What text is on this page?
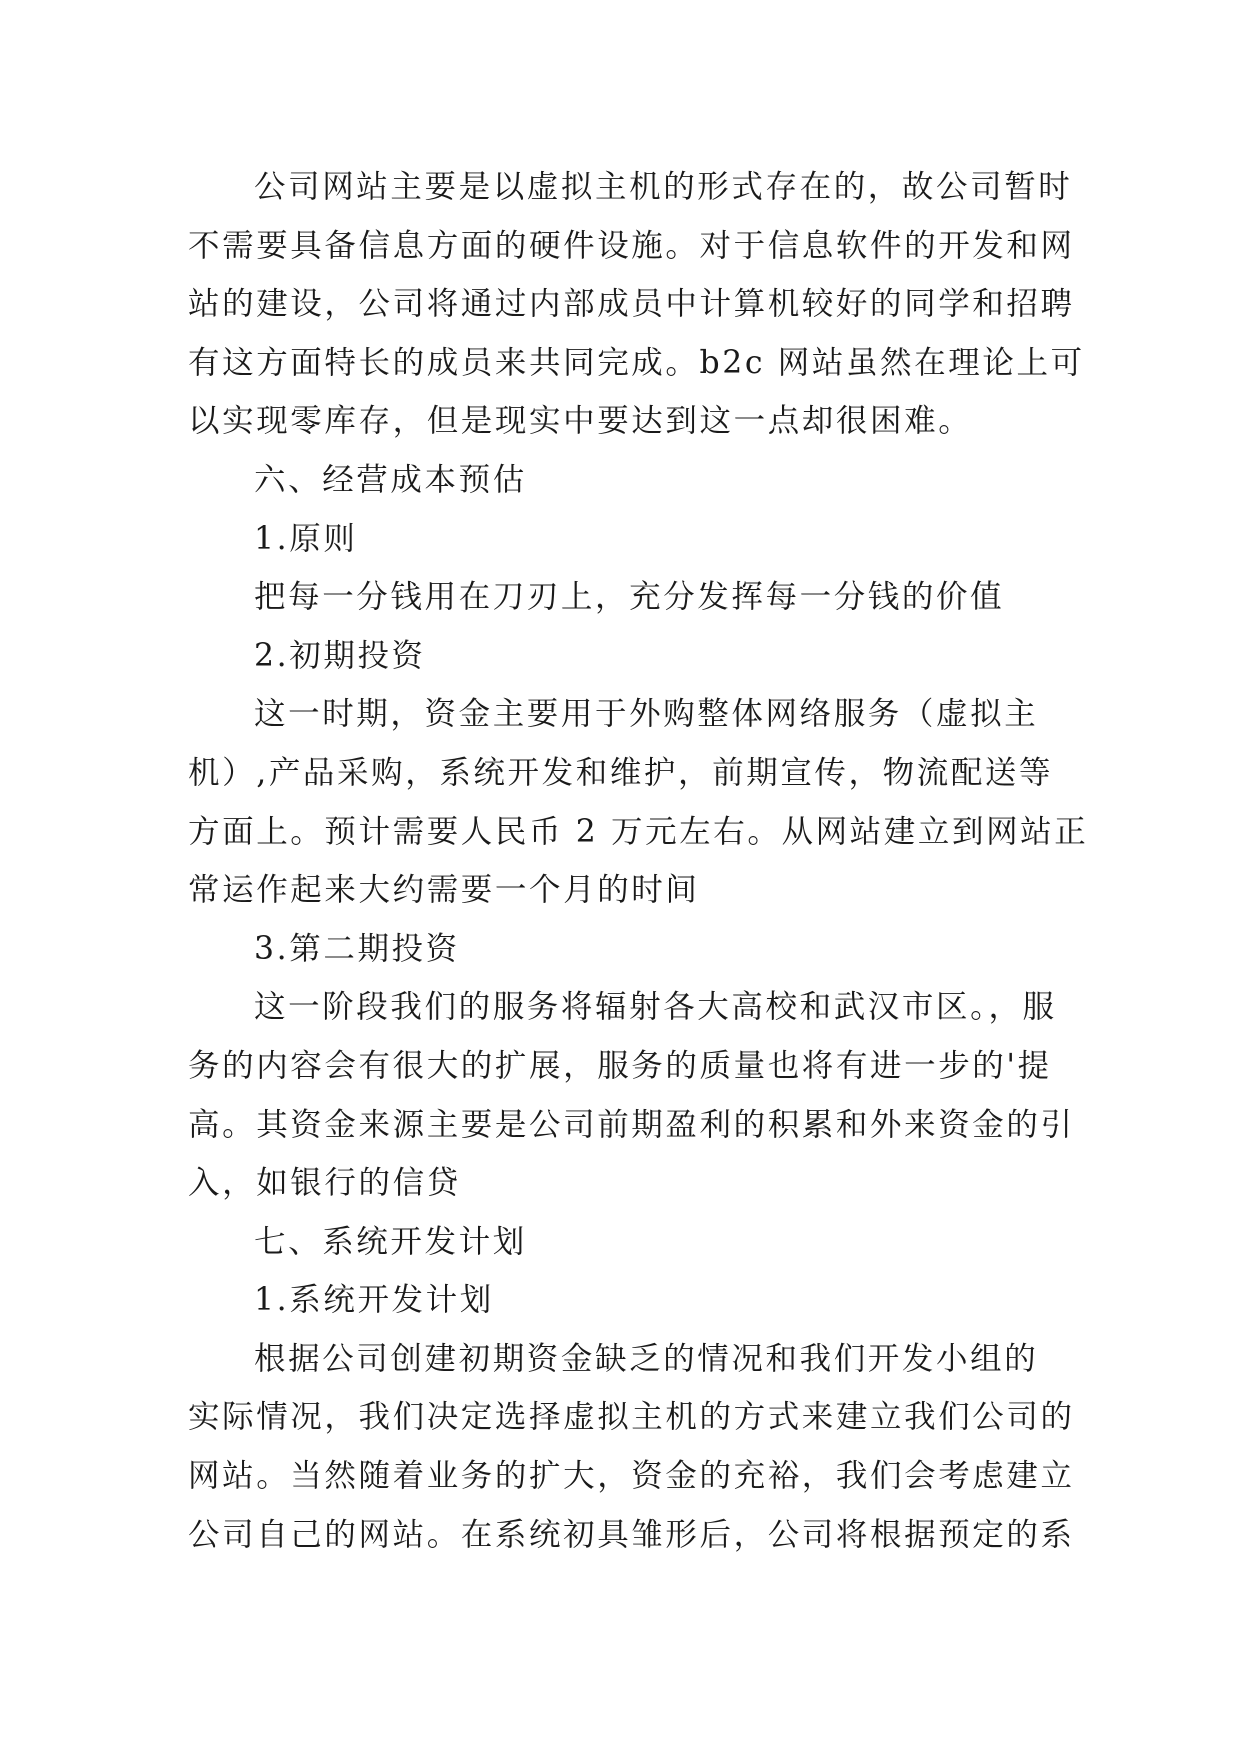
公司网站主要是以虚拟主机的形式存在的，故公司暂时
不需要具备信息方面的硬件设施。对于信息软件的开发和网
站的建设，公司将通过内部成员中计算机较好的同学和招聘
有这方面特长的成员来共同完成。b2c 网站虽然在理论上可
以实现零库存，但是现实中要达到这一点却很困难。
六、经营成本预估
1.原则
把每一分钱用在刀刃上，充分发挥每一分钱的价值
2.初期投资
这一时期，资金主要用于外购整体网络服务（虚拟主
机）,产品采购，系统开发和维护，前期宣传，物流配送等
方面上。预计需要人民币 2 万元左右。从网站建立到网站正
常运作起来大约需要一个月的时间
3.第二期投资
这一阶段我们的服务将辐射各大高校和武汉市区。，服
务的内容会有很大的扩展，服务的质量也将有进一步的'提
高。其资金来源主要是公司前期盈利的积累和外来资金的引
入，如银行的信贷
七、系统开发计划
1.系统开发计划
根据公司创建初期资金缺乏的情况和我们开发小组的
实际情况，我们决定选择虚拟主机的方式来建立我们公司的
网站。当然随着业务的扩大，资金的充裕，我们会考虑建立
公司自己的网站。在系统初具雏形后，公司将根据预定的系
